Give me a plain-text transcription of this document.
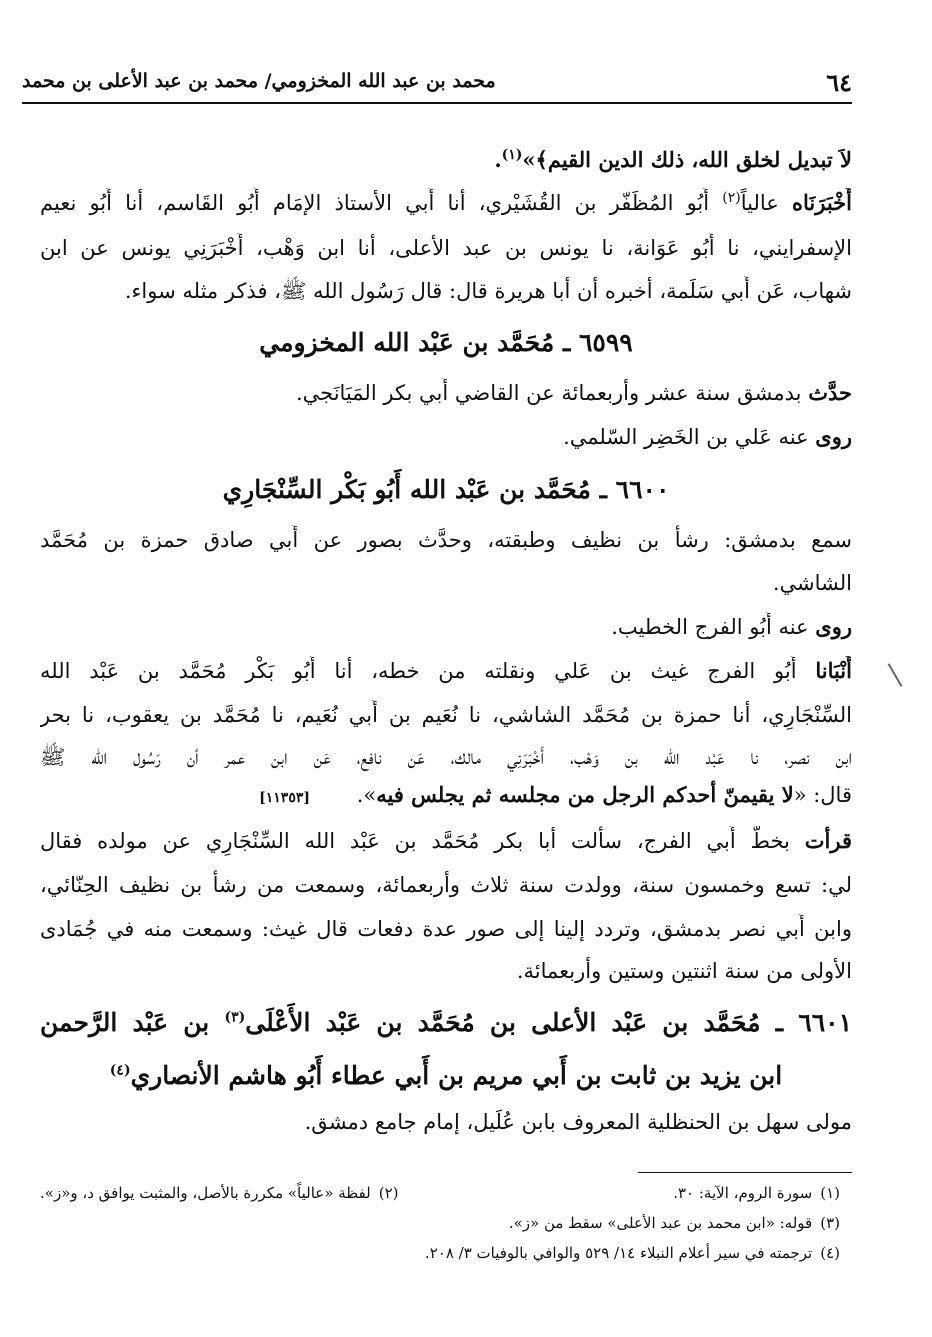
٦٤
محمد بن عبد الله المخزومي/ محمد بن عبد الأعلى بن محمد
لاَ تبديل لخلق الله، ذلك الدين القيم﴾»$^{(١)}$.
أَخْبَرَنَاه عالياً$^{(٢)}$ أَبُو المُظَفّر بن القُشَيْري، أنا أَبي الأستاذ الإمَام أَبُو القَاسم، أنا أَبُو نعيم
الإسفرايني، نا أَبُو عَوَانة، نا يونس بن عبد الأعلى، أنا ابن وَهْب، أَخْبَرَنِي يونس عن ابن
شهاب، عَن أَبي سَلَمة، أخبره أن أبا هريرة قال: قال رَسُول الله ﷺ، فذكر مثله سواء.
٦٥٩٩ ـ مُحَمَّد بن عَبْد الله المخزومي
حدَّث بدمشق سنة عشر وأربعمائة عن القاضي أَبي بكر المَيَانَجي.
روى عنه عَلي بن الخَضِر السّلمي.
٦٦٠٠ ـ مُحَمَّد بن عَبْد الله أَبُو بَكْر السِّنْجَارِي
سمع بدمشق: رشأ بن نظيف وطبقته، وحدَّث بصور عن أَبي صادق حمزة بن مُحَمَّد
الشاشي.
روى عنه أَبُو الفرج الخطيب.
أَنْبَانا أَبُو الفرج غيث بن عَلي ونقلته من خطه، أنا أَبُو بَكْر مُحَمَّد بن عَبْد الله
السِّنْجَارِي، أنا حمزة بن مُحَمَّد الشاشي، نا نُعَيم بن أَبي نُعَيم، نا مُحَمَّد بن يعقوب، نا بحر
ابن نصر، نا عَبْد الله بن وَهْب، أَخْبَرَنِي مالك، عَن نافع، عَن ابن عمر أن رَسُول الله ﷺ
قال: «لا يقيمنّ أحدكم الرجل من مجلسه ثم يجلس فيه». [١١٣٥٣]
قرأت بخطّ أَبي الفرج، سألت أبا بكر مُحَمَّد بن عَبْد الله السِّنْجَارِي عن مولده فقال
لي: تسع وخمسون سنة، وولدت سنة ثلاث وأربعمائة، وسمعت من رشأ بن نظيف الحِنّائي،
وابن أَبي نصر بدمشق، وتردد إلينا إلى صور عدة دفعات قال غيث: وسمعت منه في جُمَادى
الأولى من سنة اثنتين وستين وأربعمائة.
٦٦٠١ ـ مُحَمَّد بن عَبْد الأعلى بن مُحَمَّد بن عَبْد الأَعْلَى$^{(٣)}$ بن عَبْد الرَّحمن
ابن يزيد بن ثابت بن أَبي مريم بن أَبي عطاء أَبُو هاشم الأنصاري$^{(٤)}$
مولى سهل بن الحنظلية المعروف بابن عُلَيل، إمام جامع دمشق.
(١)سورة الروم، الآية: ٣٠.
(٢)لفظة «عالياً» مكررة بالأصل، والمثبت يوافق د، و«ز».
(٣)قوله: «ابن محمد بن عبد الأعلى» سقط من «ز».
(٤)ترجمته في سير أعلام النبلاء ١٤/ ٥٢٩ والوافي بالوفيات ٣/ ٢٠٨.
